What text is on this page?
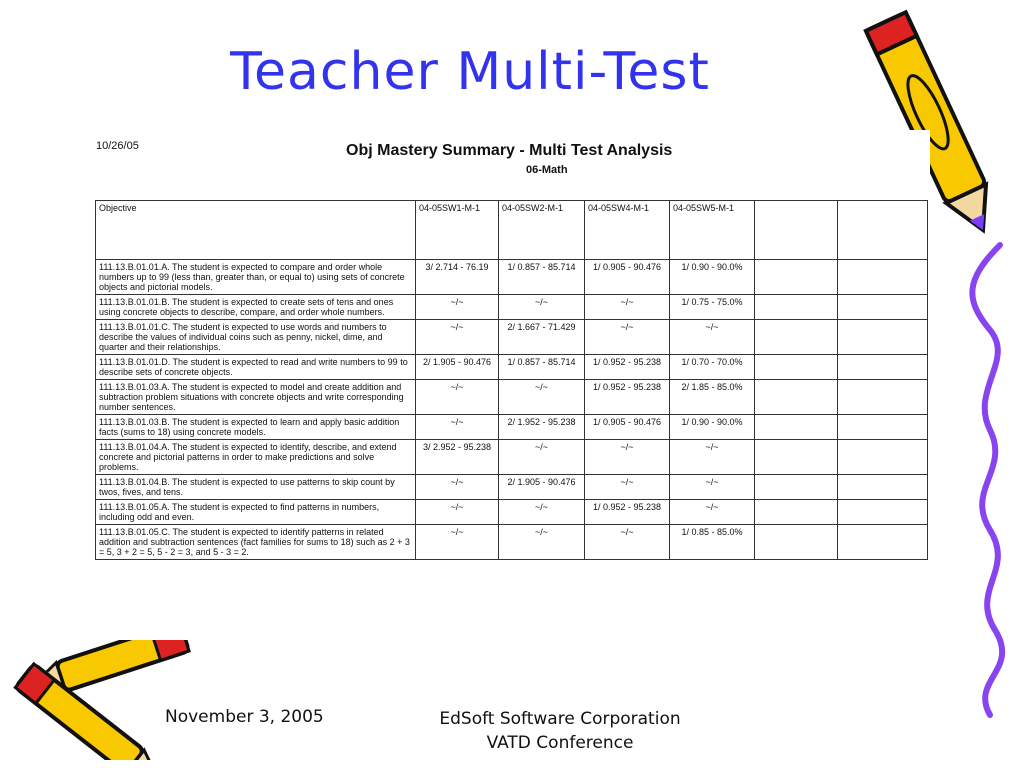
Teacher Multi-Test
10/26/05	Obj Mastery Summary - Multi Test Analysis
06-Math
Objective	04-05SW1-M-1	04-05SW2-M-1	04-05SW4-M-1	04-05SW5-M-1		
111.13.B.01.01.A. The student is expected to compare and order whole numbers up to 99 (less than, greater than, or equal to) using sets of concrete objects and pictorial models.	3/ 2.714 - 76.19	1/ 0.857 - 85.714	1/ 0.905 - 90.476	1/ 0.90 - 90.0%		
111.13.B.01.01.B. The student is expected to create sets of tens and ones using concrete objects to describe, compare, and order whole numbers.	~/~	~/~	~/~	1/ 0.75 - 75.0%		
111.13.B.01.01.C. The student is expected to use words and numbers to describe the values of individual coins such as penny, nickel, dime, and quarter and their relationships.	~/~	2/ 1.667 - 71.429	~/~	~/~		
111.13.B.01.01.D. The student is expected to read and write numbers to 99 to describe sets of concrete objects.	2/ 1.905 - 90.476	1/ 0.857 - 85.714	1/ 0.952 - 95.238	1/ 0.70 - 70.0%		
111.13.B.01.03.A. The student is expected to model and create addition and subtraction problem situations with concrete objects and write corresponding number sentences.	~/~	~/~	1/ 0.952 - 95.238	2/ 1.85 - 85.0%		
111.13.B.01.03.B. The student is expected to learn and apply basic addition facts (sums to 18) using concrete models.	~/~	2/ 1.952 - 95.238	1/ 0.905 - 90.476	1/ 0.90 - 90.0%		
111.13.B.01.04.A. The student is expected to identify, describe, and extend concrete and pictorial patterns in order to make predictions and solve problems.	3/ 2.952 - 95.238	~/~	~/~	~/~		
111.13.B.01.04.B. The student is expected to use patterns to skip count by twos, fives, and tens.	~/~	2/ 1.905 - 90.476	~/~	~/~		
111.13.B.01.05.A. The student is expected to find patterns in numbers, including odd and even.	~/~	~/~	1/ 0.952 - 95.238	~/~		
111.13.B.01.05.C. The student is expected to identify patterns in related addition and subtraction sentences (fact families for sums to 18) such as 2 + 3 = 5, 3 + 2 = 5, 5 - 2 = 3, and 5 - 3 = 2.	~/~	~/~	~/~	1/ 0.85 - 85.0%		
November 3, 2005	EdSoft Software Corporation
VATD Conference
